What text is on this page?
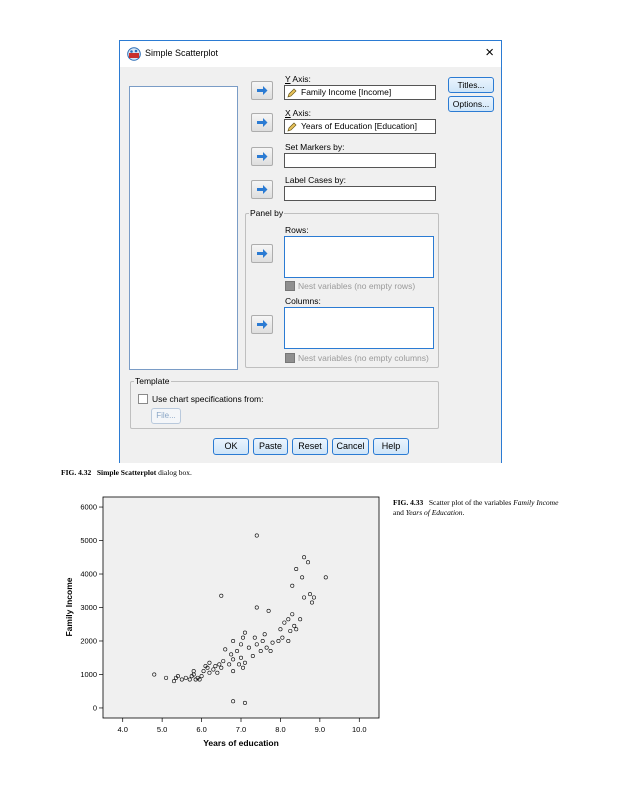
Simple Scatterplot	×
Y Axis:
Family Income [Income]
X Axis:
Years of Education [Education]
Set Markers by:
Label Cases by:
Titles...
Options...
Panel by
Rows:
Nest variables (no empty rows)
Columns:
Nest variables (no empty columns)
Template
Use chart specifications from:
File...
OK	Paste	Reset	Cancel	Help
FIG. 4.32 Simple Scatterplot dialog box.
FIG. 4.33 Scatter plot of the variables Family Income and Years of Education.
4.0	5.0	6.0	7.0	8.0	9.0	10.0
0
1000
2000
3000
4000
5000
6000
Years of education
Family Income
